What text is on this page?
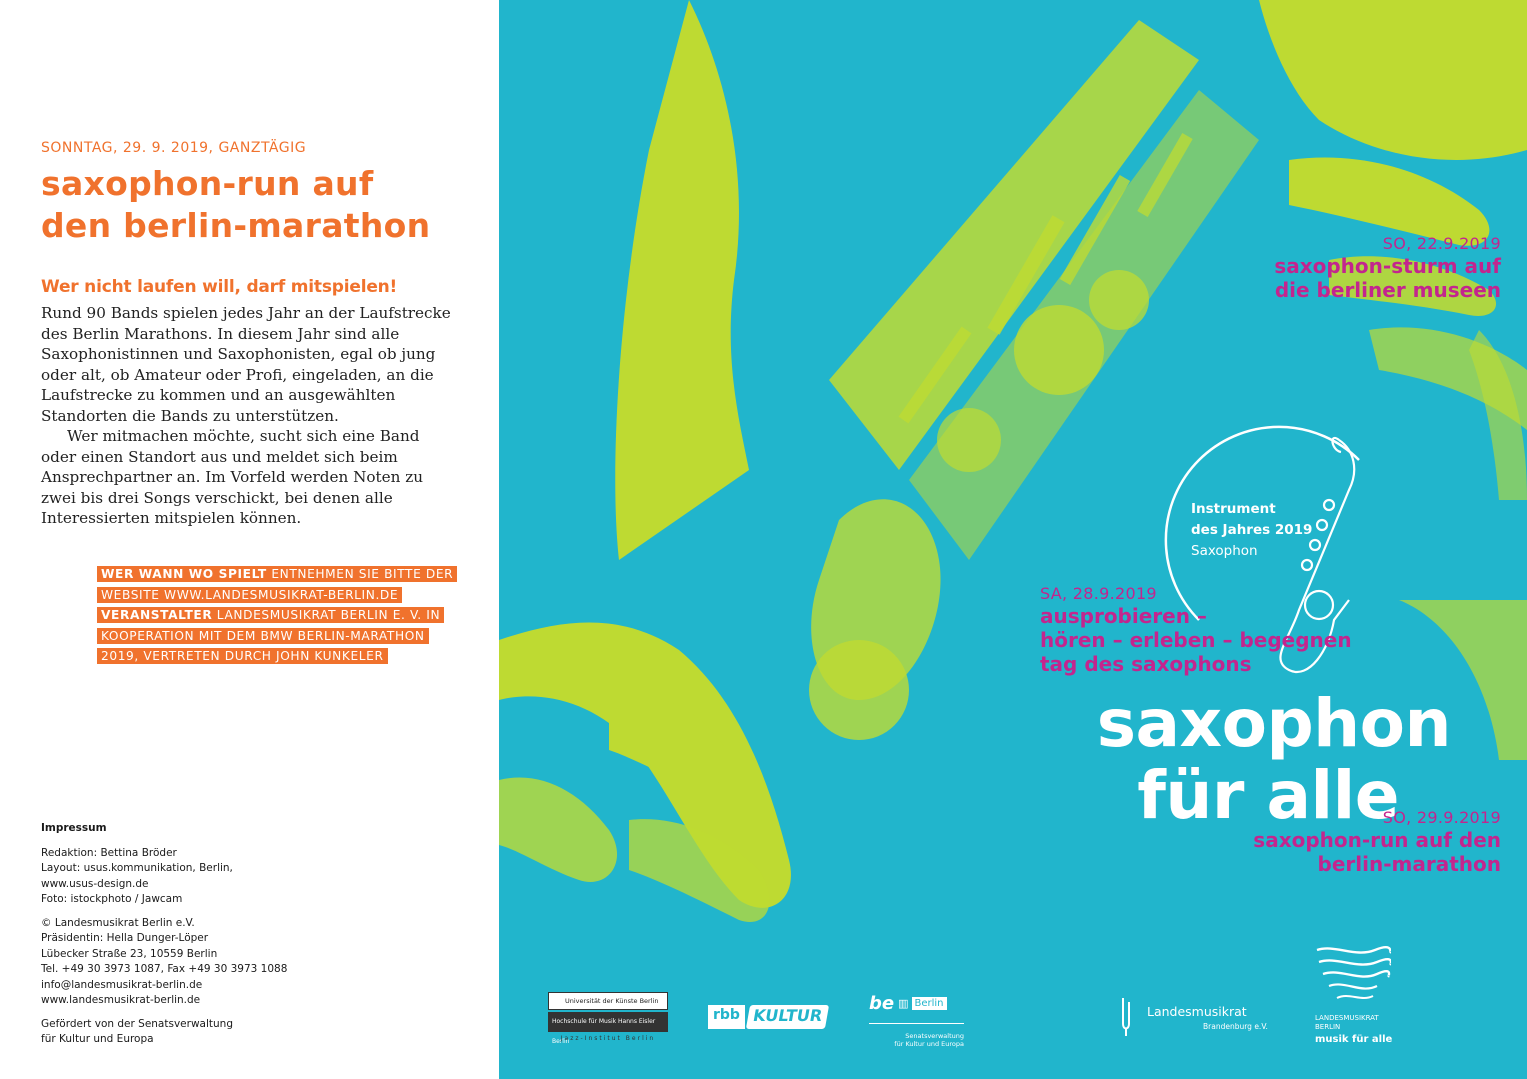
SONNTAG, 29. 9. 2019, GANZTÄGIG
saxophon-run auf
den berlin-marathon
Wer nicht laufen will, darf mitspielen!

Rund 90 Bands spielen jedes Jahr an der Laufstrecke
des Berlin Marathons. In diesem Jahr sind alle
Saxophonistinnen und Saxophonisten, egal ob jung
oder alt, ob Amateur oder Profi, eingeladen, an die
Laufstrecke zu kommen und an ausgewählten
Standorten die Bands zu unterstützen.

Wer mitmachen möchte, sucht sich eine Band
oder einen Standort aus und meldet sich beim
Ansprechpartner an. Im Vorfeld werden Noten zu
zwei bis drei Songs verschickt, bei denen alle
Interessierten mitspielen können.

WER WANN WO SPIELT ENTNEHMEN SIE BITTE DER
WEBSITE WWW.LANDESMUSIKRAT-BERLIN.DE
VERANSTALTER LANDESMUSIKRAT BERLIN E. V. IN
KOOPERATION MIT DEM BMW BERLIN-MARATHON
2019, VERTRETEN DURCH JOHN KUNKELER
Impressum
Redaktion: Bettina Bröder
Layout: usus.kommunikation, Berlin,
www.usus-design.de
Foto: istockphoto / Jawcam
© Landesmusikrat Berlin e.V.
Präsidentin: Hella Dunger-Löper
Lübecker Straße 23, 10559 Berlin
Tel. +49 30 3973 1087, Fax +49 30 3973 1088
info@landesmusikrat-berlin.de
www.landesmusikrat-berlin.de
Gefördert von der Senatsverwaltung
für Kultur und Europa
SO, 22.9.2019
saxophon-sturm auf
die berliner museen
Instrument
des Jahres 2019
Saxophon
SA, 28.9.2019
ausprobieren –
hören – erleben – begegnen
tag des saxophons
saxophon
für alle
SO, 29.9.2019
saxophon-run auf den
berlin-marathon
Universität der Künste Berlin
Hochschule für Musik Hanns Eisler Berlin
Jazz-Institut Berlin
rbb KULTUR
be ▥ Berlin
Senatsverwaltung
für Kultur und Europa
Landesmusikrat
Brandenburg e.V.
LANDESMUSIKRAT
BERLIN
musik für alle
